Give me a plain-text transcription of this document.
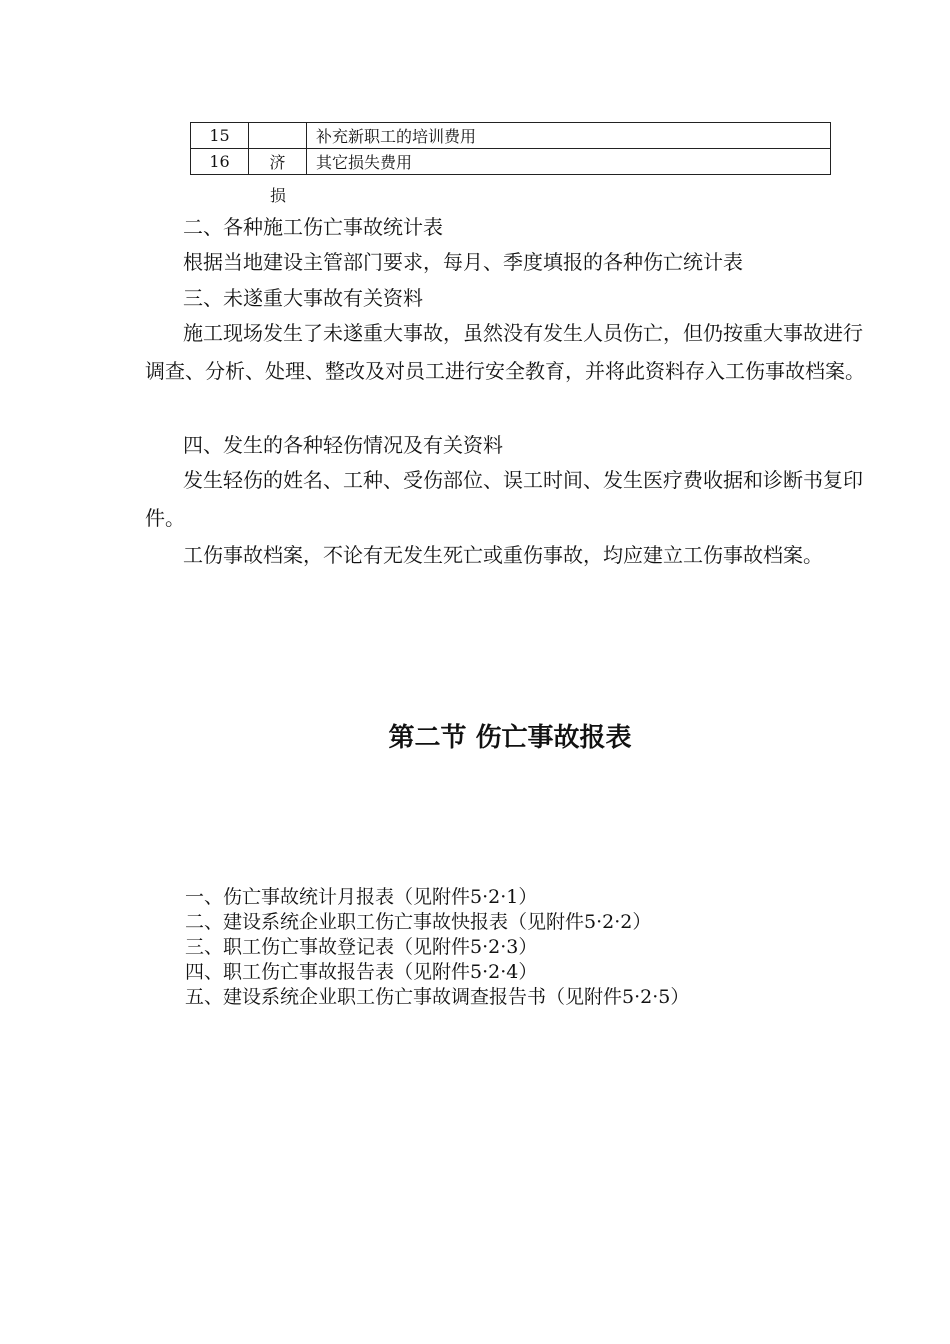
15		补充新职工的培训费用
16	济	其它损失费用
损

二、各种施工伤亡事故统计表

根据当地建设主管部门要求，每月、季度填报的各种伤亡统计表

三、未遂重大事故有关资料

施工现场发生了未遂重大事故，虽然没有发生人员伤亡，但仍按重大事故进行调查、分析、处理、整改及对员工进行安全教育，并将此资料存入工伤事故档案。

四、发生的各种轻伤情况及有关资料

发生轻伤的姓名、工种、受伤部位、误工时间、发生医疗费收据和诊断书复印件。

工伤事故档案，不论有无发生死亡或重伤事故，均应建立工伤事故档案。

第二节 伤亡事故报表
一、伤亡事故统计月报表（见附件5·2·1）
二、建设系统企业职工伤亡事故快报表（见附件5·2·2）
三、职工伤亡事故登记表（见附件5·2·3）
四、职工伤亡事故报告表（见附件5·2·4）
五、建设系统企业职工伤亡事故调查报告书（见附件5·2·5）
